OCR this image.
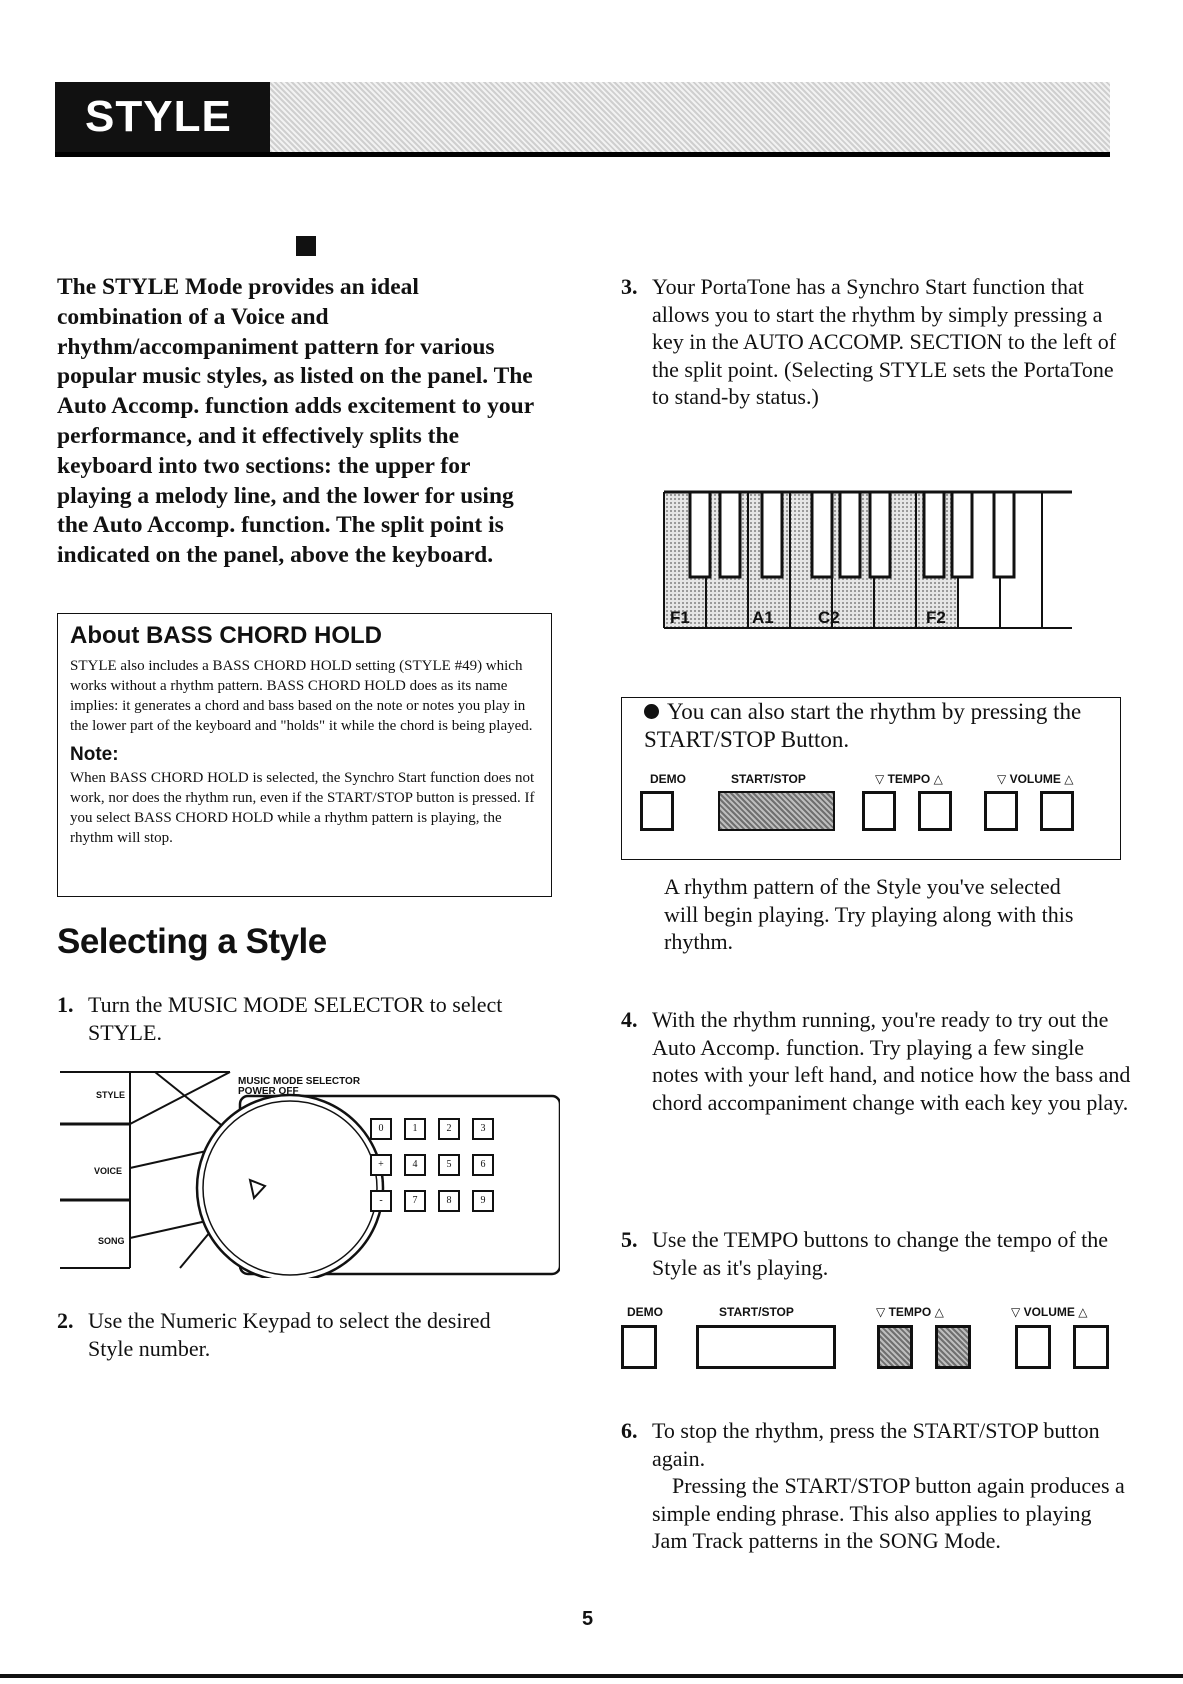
STYLE
The STYLE Mode provides an ideal combination of a Voice and rhythm/accompaniment pattern for various popular music styles, as listed on the panel. The Auto Accomp. function adds excitement to your performance, and it effectively splits the keyboard into two sections: the upper for playing a melody line, and the lower for using the Auto Accomp. function. The split point is indicated on the panel, above the keyboard.
About BASS CHORD HOLD
STYLE also includes a BASS CHORD HOLD setting (STYLE #49) which works without a rhythm pattern. BASS CHORD HOLD does as its name implies: it generates a chord and bass based on the note or notes you play in the lower part of the keyboard and "holds" it while the chord is being played.
Note:
When BASS CHORD HOLD is selected, the Synchro Start function does not work, nor does the rhythm run, even if the START/STOP button is pressed. If you select BASS CHORD HOLD while a rhythm pattern is playing, the rhythm will stop.
Selecting a Style
1. Turn the MUSIC MODE SELECTOR to select STYLE.
MUSIC MODE SELECTOR
POWER OFF
STYLE
VOICE
SONG
0	1	2	3
+	4	5	6
-	7	8	9
2. Use the Numeric Keypad to select the desired Style number.
3. Your PortaTone has a Synchro Start function that allows you to start the rhythm by simply pressing a key in the AUTO ACCOMP. SECTION to the left of the split point. (Selecting STYLE sets the PortaTone to stand-by status.)
F1	A1	C2	F2
You can also start the rhythm by pressing the START/STOP Button.
DEMO	START/STOP	▽ TEMPO △	▽ VOLUME △
A rhythm pattern of the Style you've selected will begin playing. Try playing along with this rhythm.
4. With the rhythm running, you're ready to try out the Auto Accomp. function. Try playing a few single notes with your left hand, and notice how the bass and chord accompaniment change with each key you play.
5. Use the TEMPO buttons to change the tempo of the Style as it's playing.
DEMO	START/STOP	▽ TEMPO △	▽ VOLUME △
6. To stop the rhythm, press the START/STOP button again.
Pressing the START/STOP button again produces a simple ending phrase. This also applies to playing Jam Track patterns in the SONG Mode.
5
